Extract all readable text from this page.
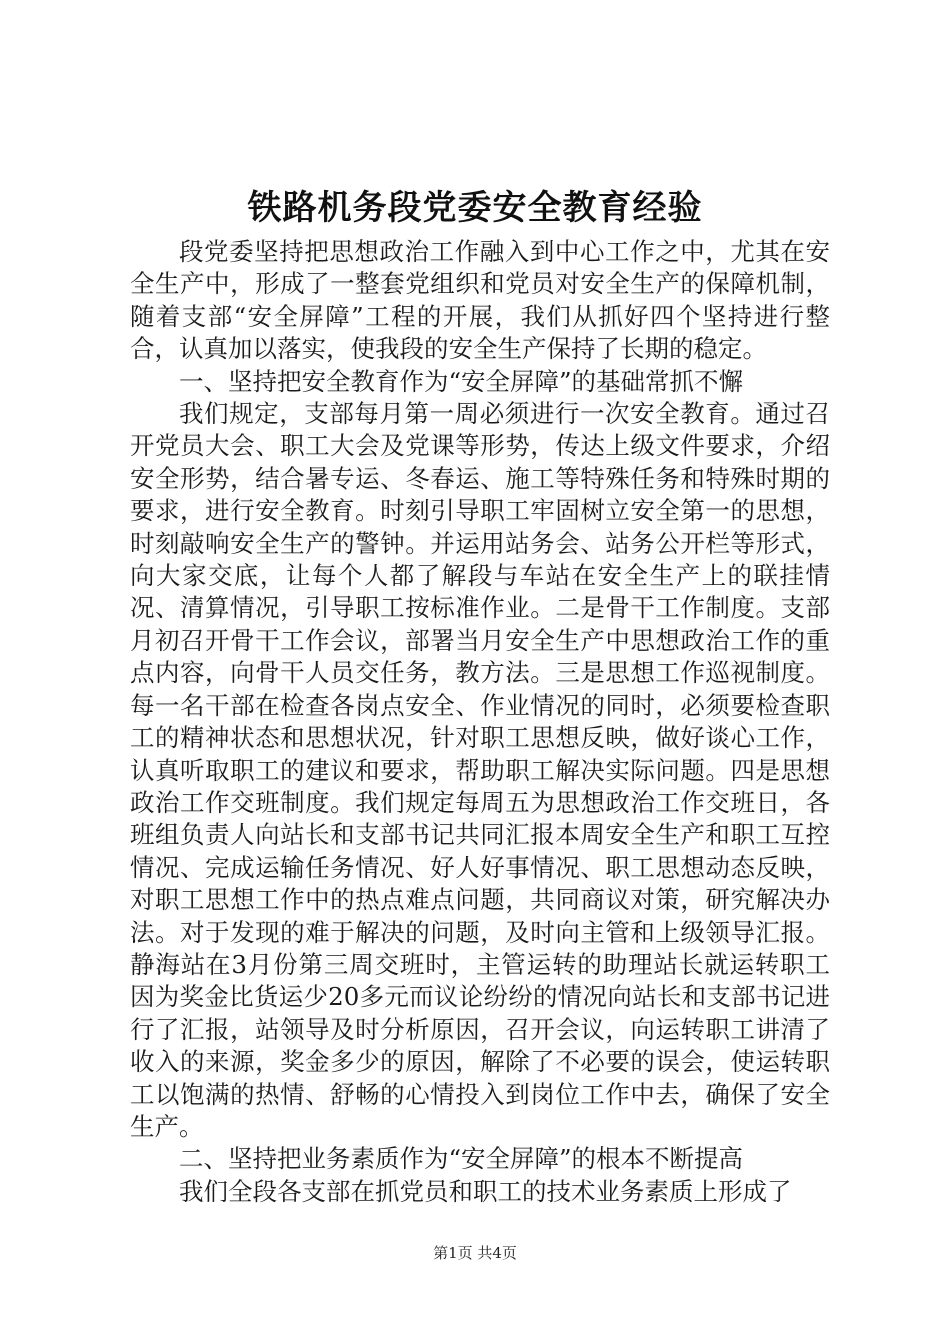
铁路机务段党委安全教育经验

段党委坚持把思想政治工作融入到中心工作之中，尤其在安全生产中，形成了一整套党组织和党员对安全生产的保障机制，随着支部“安全屏障”工程的开展，我们从抓好四个坚持进行整合，认真加以落实，使我段的安全生产保持了长期的稳定。

一、坚持把安全教育作为“安全屏障”的基础常抓不懈

我们规定，支部每月第一周必须进行一次安全教育。通过召开党员大会、职工大会及党课等形势，传达上级文件要求，介绍安全形势，结合暑专运、冬春运、施工等特殊任务和特殊时期的要求，进行安全教育。时刻引导职工牢固树立安全第一的思想，时刻敲响安全生产的警钟。并运用站务会、站务公开栏等形式，向大家交底，让每个人都了解段与车站在安全生产上的联挂情况、清算情况，引导职工按标准作业。二是骨干工作制度。支部月初召开骨干工作会议，部署当月安全生产中思想政治工作的重点内容，向骨干人员交任务，教方法。三是思想工作巡视制度。每一名干部在检查各岗点安全、作业情况的同时，必须要检查职工的精神状态和思想状况，针对职工思想反映，做好谈心工作，认真听取职工的建议和要求，帮助职工解决实际问题。四是思想政治工作交班制度。我们规定每周五为思想政治工作交班日，各班组负责人向站长和支部书记共同汇报本周安全生产和职工互控情况、完成运输任务情况、好人好事情况、职工思想动态反映，对职工思想工作中的热点难点问题，共同商议对策，研究解决办法。对于发现的难于解决的问题，及时向主管和上级领导汇报。静海站在3月份第三周交班时，主管运转的助理站长就运转职工因为奖金比货运少20多元而议论纷纷的情况向站长和支部书记进行了汇报，站领导及时分析原因，召开会议，向运转职工讲清了收入的来源，奖金多少的原因，解除了不必要的误会，使运转职工以饱满的热情、舒畅的心情投入到岗位工作中去，确保了安全生产。

二、坚持把业务素质作为“安全屏障”的根本不断提高

我们全段各支部在抓党员和职工的技术业务素质上形成了

第1页 共4页
